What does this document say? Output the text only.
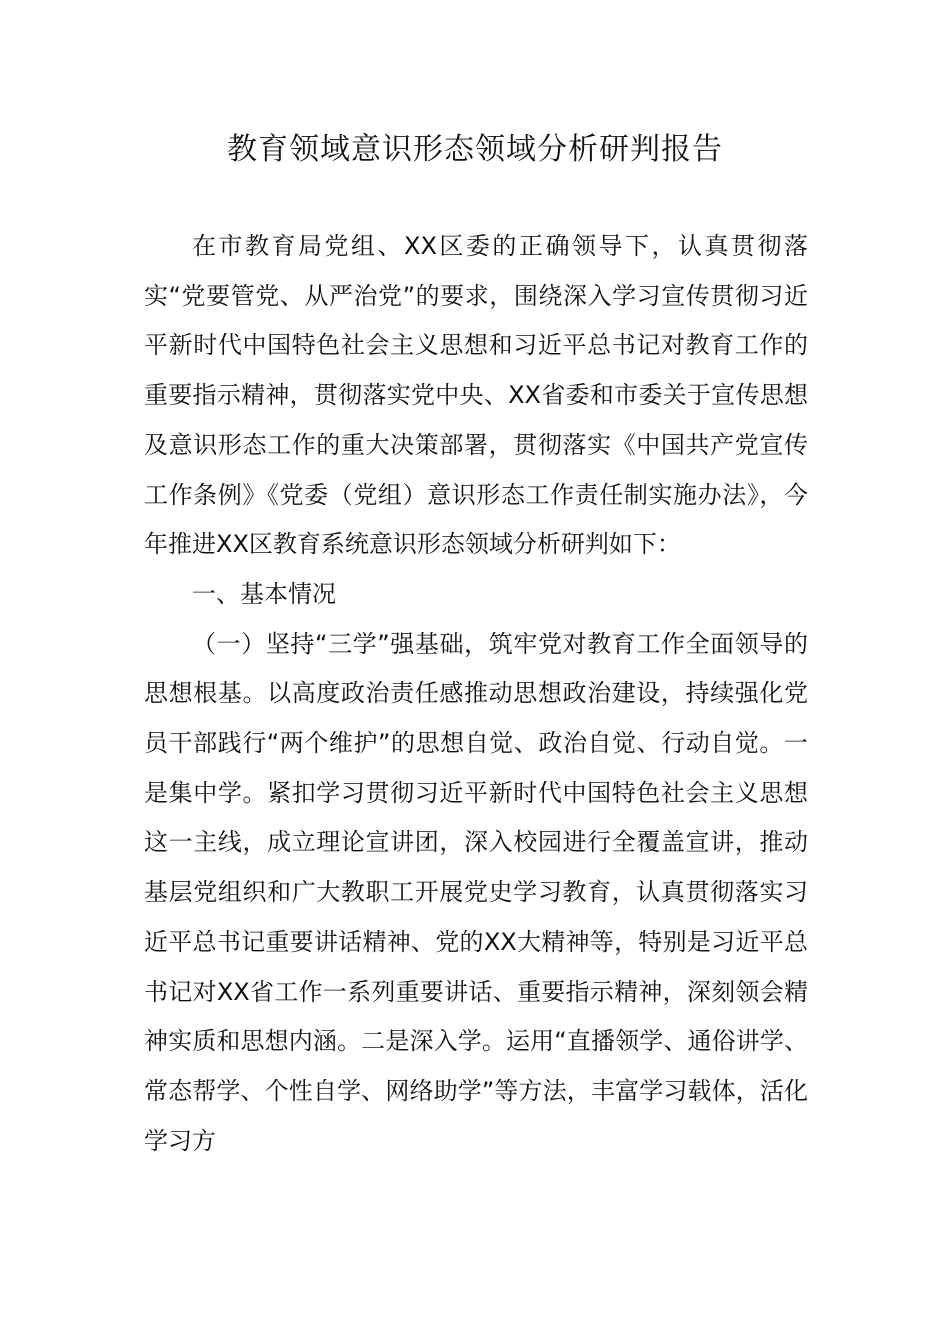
教育领域意识形态领域分析研判报告

在市教育局党组、XX区委的正确领导下，认真贯彻落实“党要管党、从严治党”的要求，围绕深入学习宣传贯彻习近平新时代中国特色社会主义思想和习近平总书记对教育工作的重要指示精神，贯彻落实党中央、XX省委和市委关于宣传思想及意识形态工作的重大决策部署，贯彻落实《中国共产党宣传工作条例》《党委（党组）意识形态工作责任制实施办法》，今年推进XX区教育系统意识形态领域分析研判如下：

一、基本情况

（一）坚持“三学”强基础，筑牢党对教育工作全面领导的思想根基。以高度政治责任感推动思想政治建设，持续强化党员干部践行“两个维护”的思想自觉、政治自觉、行动自觉。一是集中学。紧扣学习贯彻习近平新时代中国特色社会主义思想这一主线，成立理论宣讲团，深入校园进行全覆盖宣讲，推动基层党组织和广大教职工开展党史学习教育，认真贯彻落实习近平总书记重要讲话精神、党的XX大精神等，特别是习近平总书记对XX省工作一系列重要讲话、重要指示精神，深刻领会精神实质和思想内涵。二是深入学。运用“直播领学、通俗讲学、常态帮学、个性自学、网络助学”等方法，丰富学习载体，活化学习方
